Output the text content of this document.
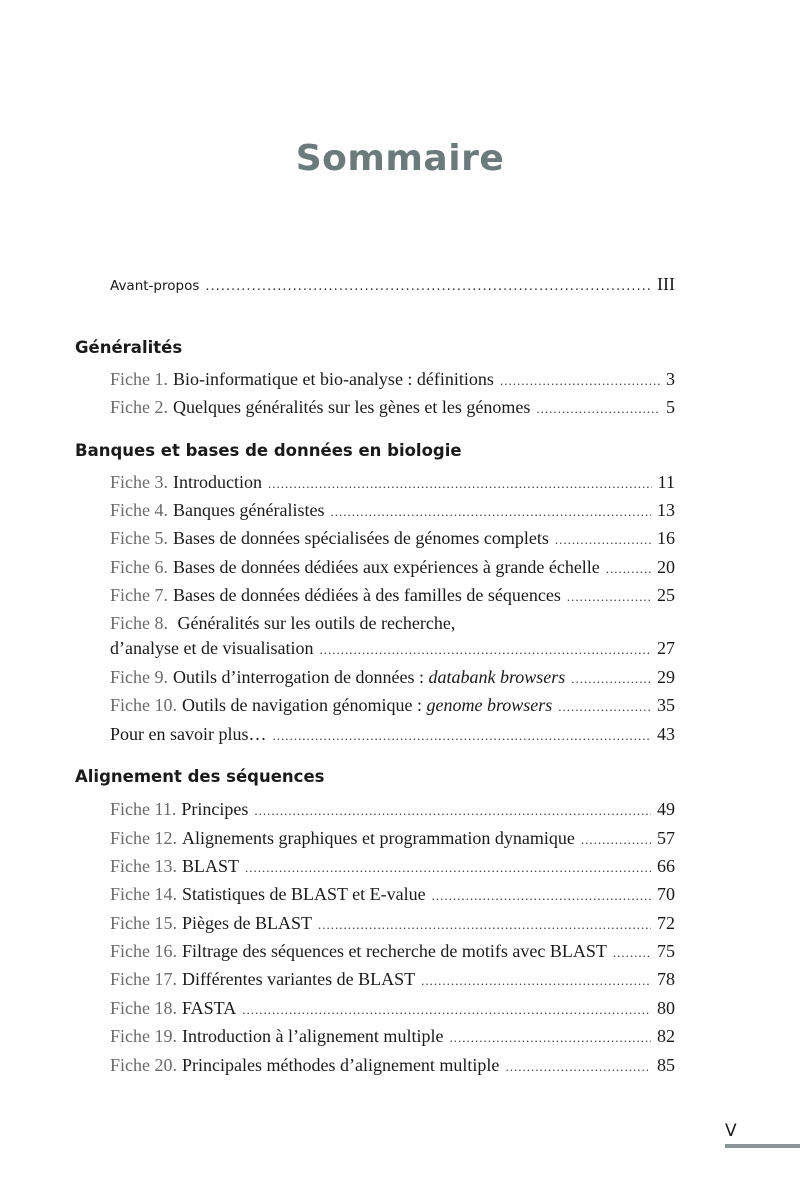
Sommaire
Avant-propos .....	III
Généralités
Fiche 1. Bio-informatique et bio-analyse : définitions .....	3
Fiche 2. Quelques généralités sur les gènes et les génomes .....	5
Banques et bases de données en biologie
Fiche 3. Introduction .....	11
Fiche 4. Banques généralistes .....	13
Fiche 5. Bases de données spécialisées de génomes complets .....	16
Fiche 6. Bases de données dédiées aux expériences à grande échelle .....	20
Fiche 7. Bases de données dédiées à des familles de séquences .....	25
Fiche 8. Généralités sur les outils de recherche,
d’analyse et de visualisation .....	27
Fiche 9. Outils d’interrogation de données : databank browsers .....	29
Fiche 10. Outils de navigation génomique : genome browsers .....	35
Pour en savoir plus… .....	43
Alignement des séquences
Fiche 11. Principes .....	49
Fiche 12. Alignements graphiques et programmation dynamique .....	57
Fiche 13. BLAST .....	66
Fiche 14. Statistiques de BLAST et E-value .....	70
Fiche 15. Pièges de BLAST .....	72
Fiche 16. Filtrage des séquences et recherche de motifs avec BLAST .....	75
Fiche 17. Différentes variantes de BLAST .....	78
Fiche 18. FASTA .....	80
Fiche 19. Introduction à l’alignement multiple .....	82
Fiche 20. Principales méthodes d’alignement multiple .....	85
V
